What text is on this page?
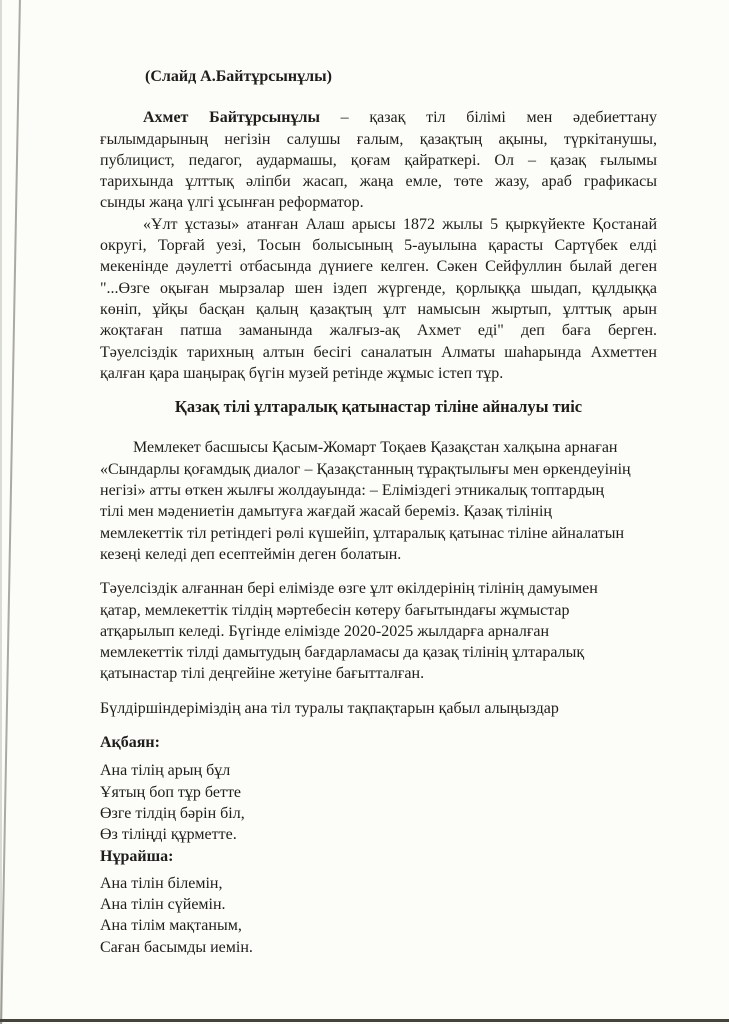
(Слайд А.Байтұрсынұлы)
Ахмет Байтұрсынұлы – қазақ тіл білімі мен әдебиеттану
ғылымдарының негізін салушы ғалым, қазақтың ақыны, түркітанушы,
публицист, педагог, аудармашы, қоғам қайраткері. Ол – қазақ ғылымы
тарихында ұлттық әліпби жасап, жаңа емле, төте жазу, араб графикасы
сынды жаңа үлгі ұсынған реформатор.
«Ұлт ұстазы» атанған Алаш арысы 1872 жылы 5 қыркүйекте Қостанай
округі, Торғай уезі, Тосын болысының 5-ауылына қарасты Сартүбек елді
мекенінде дәулетті отбасында дүниеге келген. Сәкен Сейфуллин былай деген
"...Өзге оқыған мырзалар шен іздеп жүргенде, қорлыққа шыдап, құлдыққа
көніп, ұйқы басқан қалың қазақтың ұлт намысын жыртып, ұлттық арын
жоқтаған патша заманында жалғыз-ақ Ахмет еді" деп баға берген.
Тәуелсіздік тарихның алтын бесігі саналатын Алматы шаһарында Ахметтен
қалған қара шаңырақ бүгін музей ретінде жұмыс істеп тұр.
Қазақ тілі ұлтаралық қатынастар тіліне айналуы тиіс
Мемлекет басшысы Қасым-Жомарт Тоқаев Қазақстан халқына арнаған
«Сындарлы қоғамдық диалог – Қазақстанның тұрақтылығы мен өркендеуінің
негізі» атты өткен жылғы жолдауында: – Еліміздегі этникалық топтардың
тілі мен мәдениетін дамытуға жағдай жасай береміз. Қазақ тілінің
мемлекеттік тіл ретіндегі рөлі күшейіп, ұлтаралық қатынас тіліне айналатын
кезеңі келеді деп есептеймін деген болатын.
Тәуелсіздік алғаннан бері елімізде өзге ұлт өкілдерінің тілінің дамуымен
қатар, мемлекеттік тілдің мәртебесін көтеру бағытындағы жұмыстар
атқарылып келеді. Бүгінде елімізде 2020-2025 жылдарға арналған
мемлекеттік тілді дамытудың бағдарламасы да қазақ тілінің ұлтаралық
қатынастар тілі деңгейіне жетуіне бағытталған.
Бүлдіршіндеріміздің ана тіл туралы тақпақтарын қабыл алыңыздар
Ақбаян:
Ана тілің арың бұл
Ұятың боп тұр бетте
Өзге тілдің бәрін біл,
Өз тіліңді құрметте.
Нұрайша:
Ана тілін білемін,
Ана тілін сүйемін.
Ана тілім мақтаным,
Саған басымды иемін.
